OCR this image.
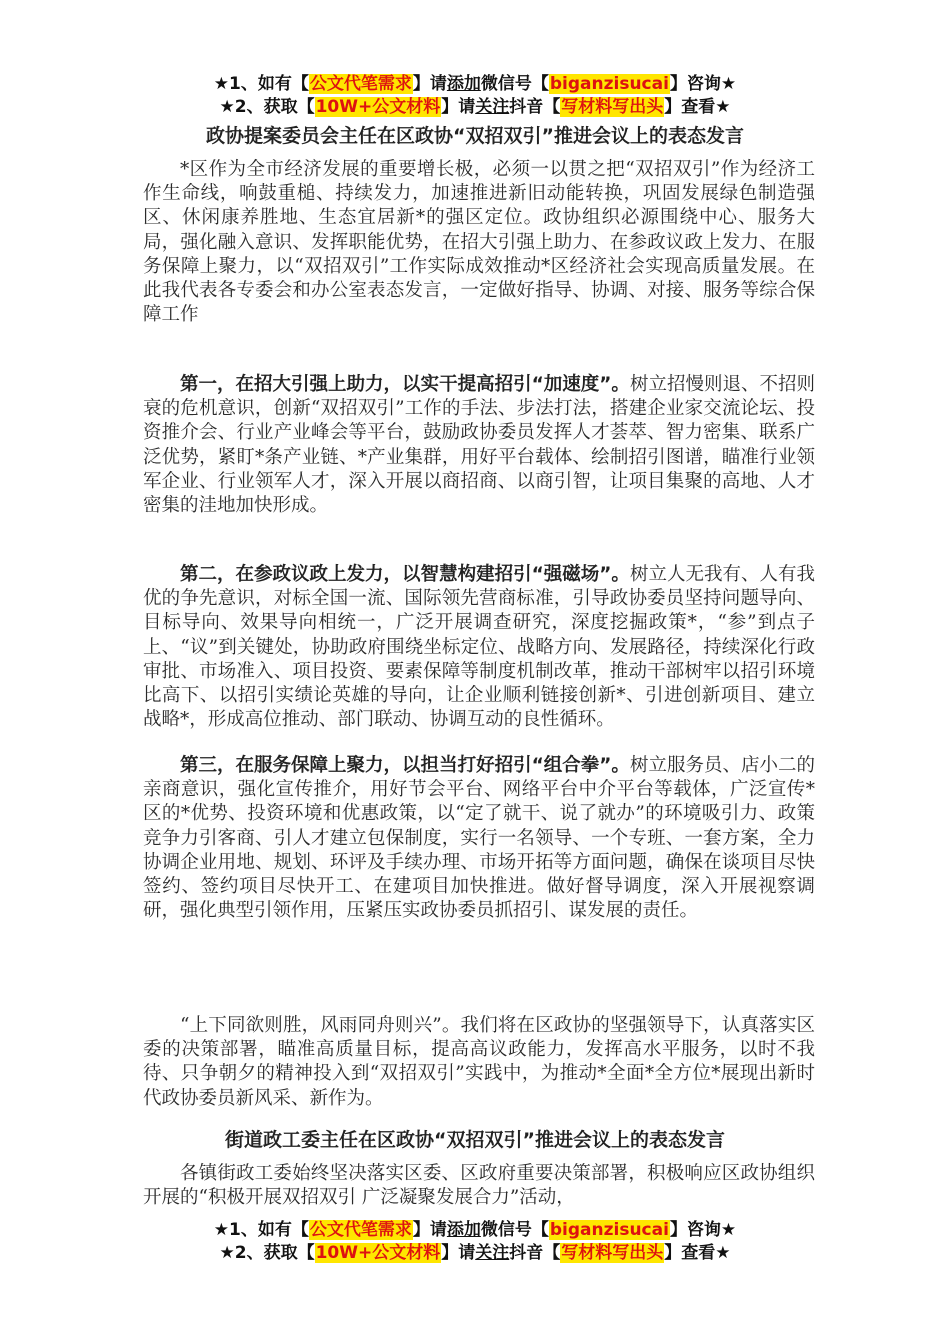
★1、如有【公文代笔需求】请添加微信号【biganzisucai】咨询★
★2、获取【10W+公文材料】请关注抖音【写材料写出头】查看★
政协提案委员会主任在区政协“双招双引”推进会议上的表态发言
*区作为全市经济发展的重要增长极，必须一以贯之把“双招双引”作为经济工作生命线，响鼓重槌、持续发力，加速推进新旧动能转换，巩固发展绿色制造强区、休闲康养胜地、生态宜居新*的强区定位。政协组织必源围绕中心、服务大局，强化融入意识、发挥职能优势，在招大引强上助力、在参政议政上发力、在服务保障上聚力，以“双招双引”工作实际成效推动*区经济社会实现高质量发展。在此我代表各专委会和办公室表态发言，一定做好指导、协调、对接、服务等综合保障工作
第一，在招大引强上助力，以实干提高招引“加速度”。树立招慢则退、不招则衰的危机意识，创新“双招双引”工作的手法、步法打法，搭建企业家交流论坛、投资推介会、行业产业峰会等平台，鼓励政协委员发挥人才荟萃、智力密集、联系广泛优势，紧盯*条产业链、*产业集群，用好平台载体、绘制招引图谱，瞄准行业领军企业、行业领军人才，深入开展以商招商、以商引智，让项目集聚的高地、人才密集的洼地加快形成。
第二，在参政议政上发力，以智慧构建招引“强磁场”。树立人无我有、人有我优的争先意识，对标全国一流、国际领先营商标准，引导政协委员坚持问题导向、目标导向、效果导向相统一，广泛开展调查研究，深度挖掘政策*，“参”到点子上、“议”到关键处，协助政府围绕坐标定位、战略方向、发展路径，持续深化行政审批、市场准入、项目投资、要素保障等制度机制改革，推动干部树牢以招引环境比高下、以招引实绩论英雄的导向，让企业顺利链接创新*、引进创新项目、建立战略*，形成高位推动、部门联动、协调互动的良性循环。
第三，在服务保障上聚力，以担当打好招引“组合拳”。树立服务员、店小二的亲商意识，强化宣传推介，用好节会平台、网络平台中介平台等载体，广泛宣传*区的*优势、投资环境和优惠政策，以“定了就干、说了就办”的环境吸引力、政策竞争力引客商、引人才建立包保制度，实行一名领导、一个专班、一套方案，全力协调企业用地、规划、环评及手续办理、市场开拓等方面问题，确保在谈项目尽快签约、签约项目尽快开工、在建项目加快推进。做好督导调度，深入开展视察调研，强化典型引领作用，压紧压实政协委员抓招引、谋发展的责任。
“上下同欲则胜，风雨同舟则兴”。我们将在区政协的坚强领导下，认真落实区委的决策部署，瞄准高质量目标，提高高议政能力，发挥高水平服务，以时不我待、只争朝夕的精神投入到“双招双引”实践中，为推动*全面*全方位*展现出新时代政协委员新风采、新作为。
街道政工委主任在区政协“双招双引”推进会议上的表态发言
各镇街政工委始终坚决落实区委、区政府重要决策部署，积极响应区政协组织开展的“积极开展双招双引 广泛凝聚发展合力”活动，
★1、如有【公文代笔需求】请添加微信号【biganzisucai】咨询★
★2、获取【10W+公文材料】请关注抖音【写材料写出头】查看★
